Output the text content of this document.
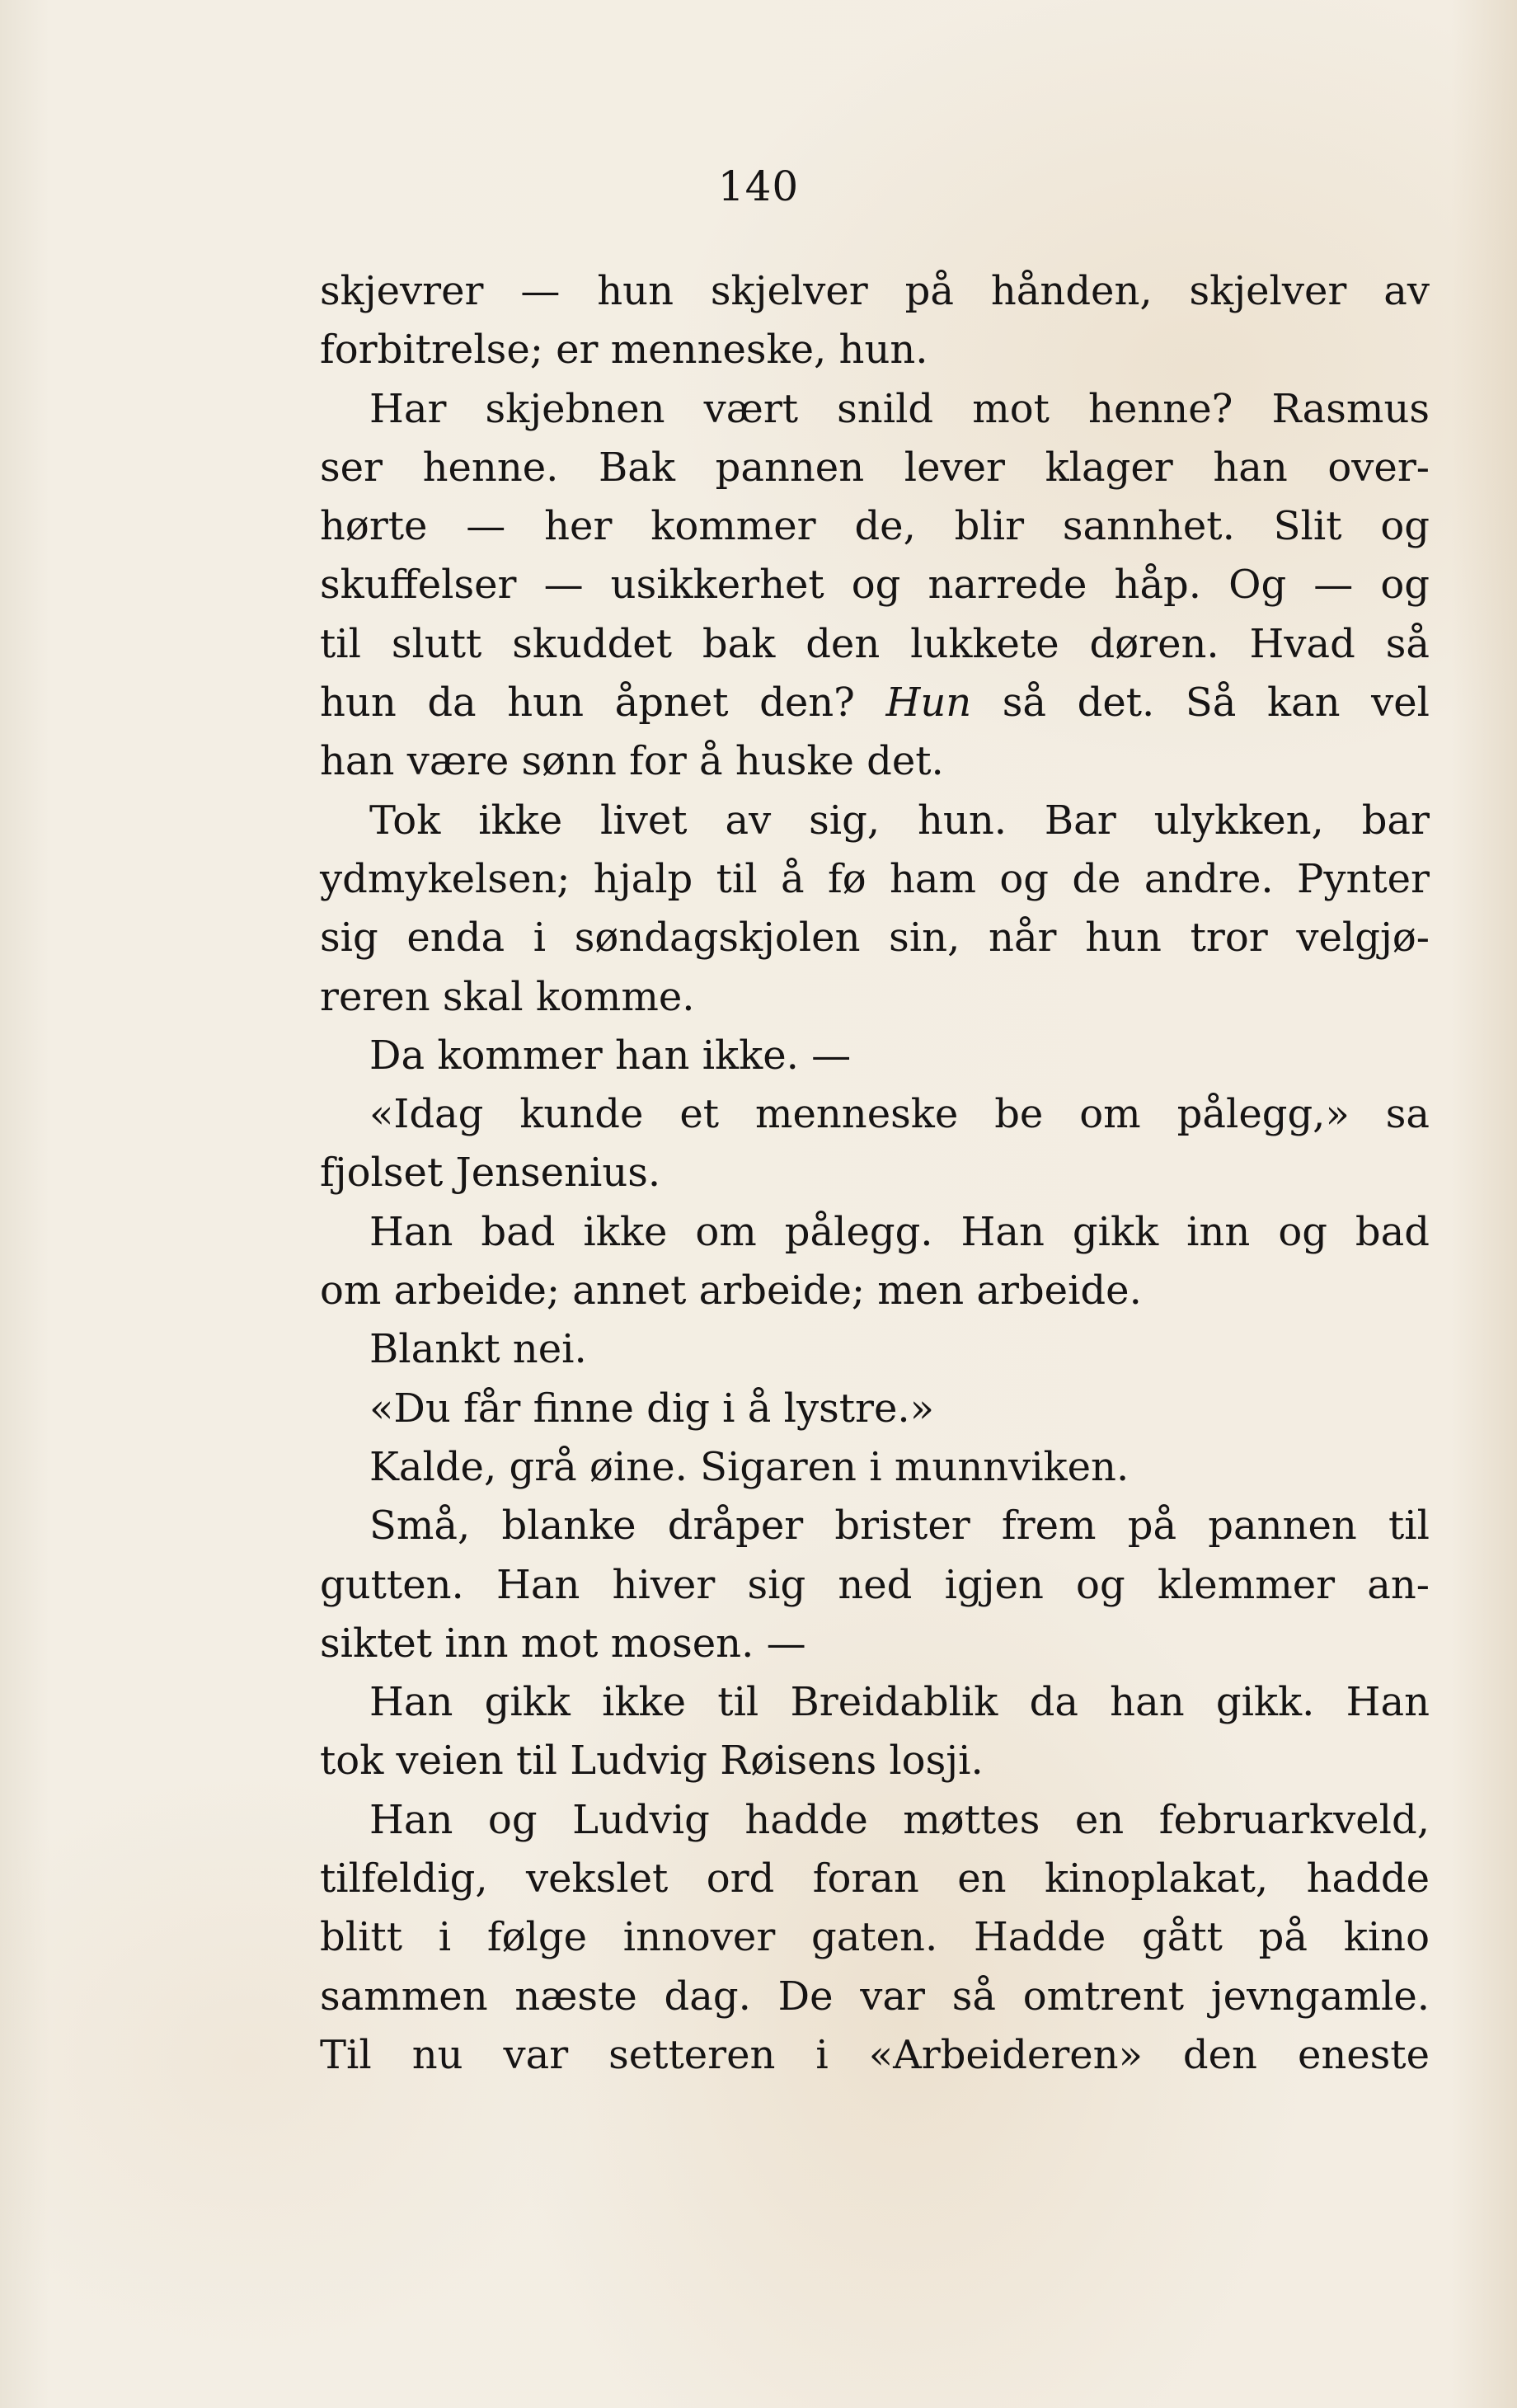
140
skjevrer — hun skjelver på hånden, skjelver av
forbitrelse; er menneske, hun.
Har skjebnen vært snild mot henne? Rasmus
ser henne. Bak pannen lever klager han over-
hørte — her kommer de, blir sannhet. Slit og
skuffelser — usikkerhet og narrede håp. Og — og
til slutt skuddet bak den lukkete døren. Hvad så
hun da hun åpnet den? Hun så det. Så kan vel
han være sønn for å huske det.
Tok ikke livet av sig, hun. Bar ulykken, bar
ydmykelsen; hjalp til å fø ham og de andre. Pynter
sig enda i søndagskjolen sin, når hun tror velgjø-
reren skal komme.
Da kommer han ikke. —
«Idag kunde et menneske be om pålegg,» sa
fjolset Jensenius.
Han bad ikke om pålegg. Han gikk inn og bad
om arbeide; annet arbeide; men arbeide.
Blankt nei.
«Du får finne dig i å lystre.»
Kalde, grå øine. Sigaren i munnviken.
Små, blanke dråper brister frem på pannen til
gutten. Han hiver sig ned igjen og klemmer an-
siktet inn mot mosen. —
Han gikk ikke til Breidablik da han gikk. Han
tok veien til Ludvig Røisens losji.
Han og Ludvig hadde møttes en februarkveld,
tilfeldig, vekslet ord foran en kinoplakat, hadde
blitt i følge innover gaten. Hadde gått på kino
sammen næste dag. De var så omtrent jevngamle.
Til nu var setteren i «Arbeideren» den eneste
